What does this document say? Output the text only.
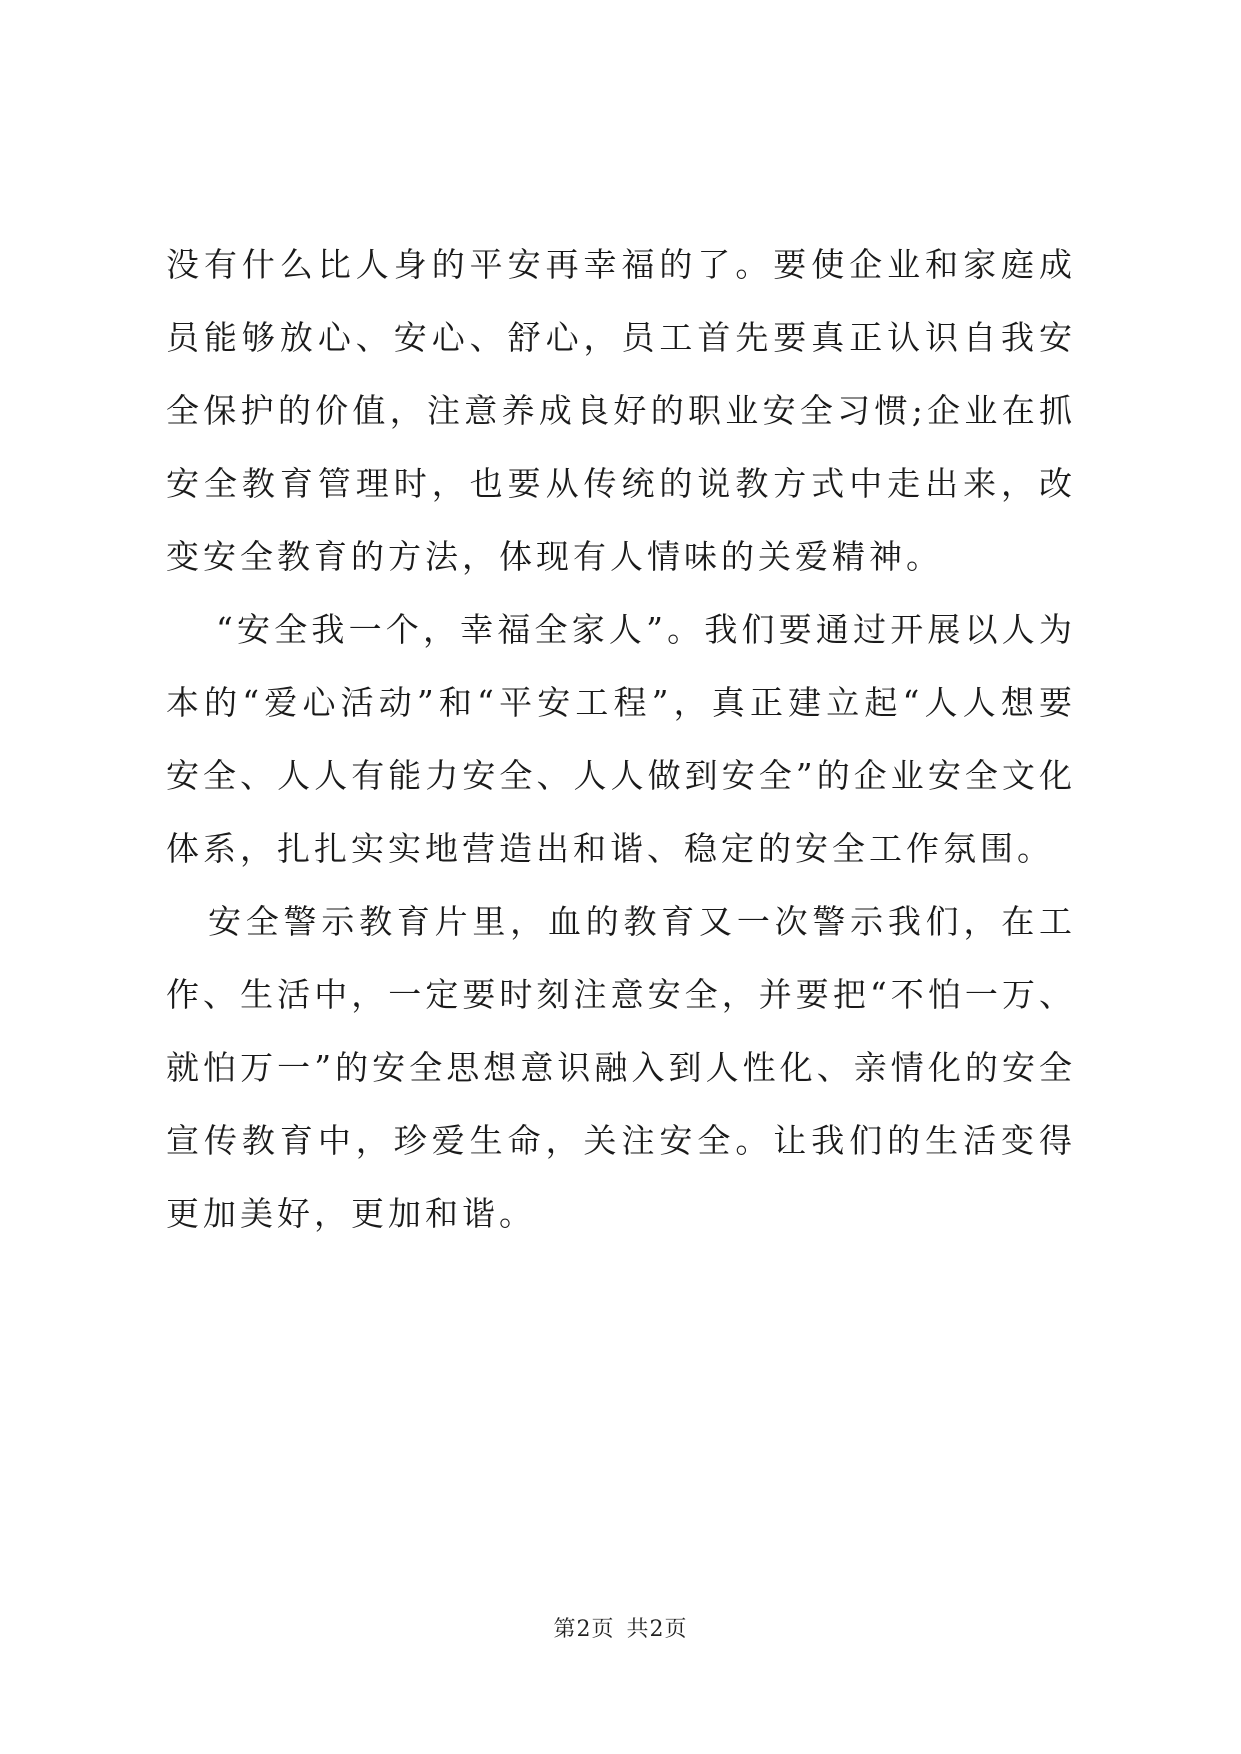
没有什么比人身的平安再幸福的了。要使企业和家庭成员能够放心、安心、舒心，员工首先要真正认识自我安全保护的价值，注意养成良好的职业安全习惯;企业在抓安全教育管理时，也要从传统的说教方式中走出来，改变安全教育的方法，体现有人情味的关爱精神。

“安全我一个，幸福全家人”。我们要通过开展以人为本的“爱心活动”和“平安工程”，真正建立起“人人想要安全、人人有能力安全、人人做到安全”的企业安全文化体系，扎扎实实地营造出和谐、稳定的安全工作氛围。

安全警示教育片里，血的教育又一次警示我们，在工作、生活中，一定要时刻注意安全，并要把“不怕一万、就怕万一”的安全思想意识融入到人性化、亲情化的安全宣传教育中，珍爱生命，关注安全。让我们的生活变得更加美好，更加和谐。

第2页 共2页
